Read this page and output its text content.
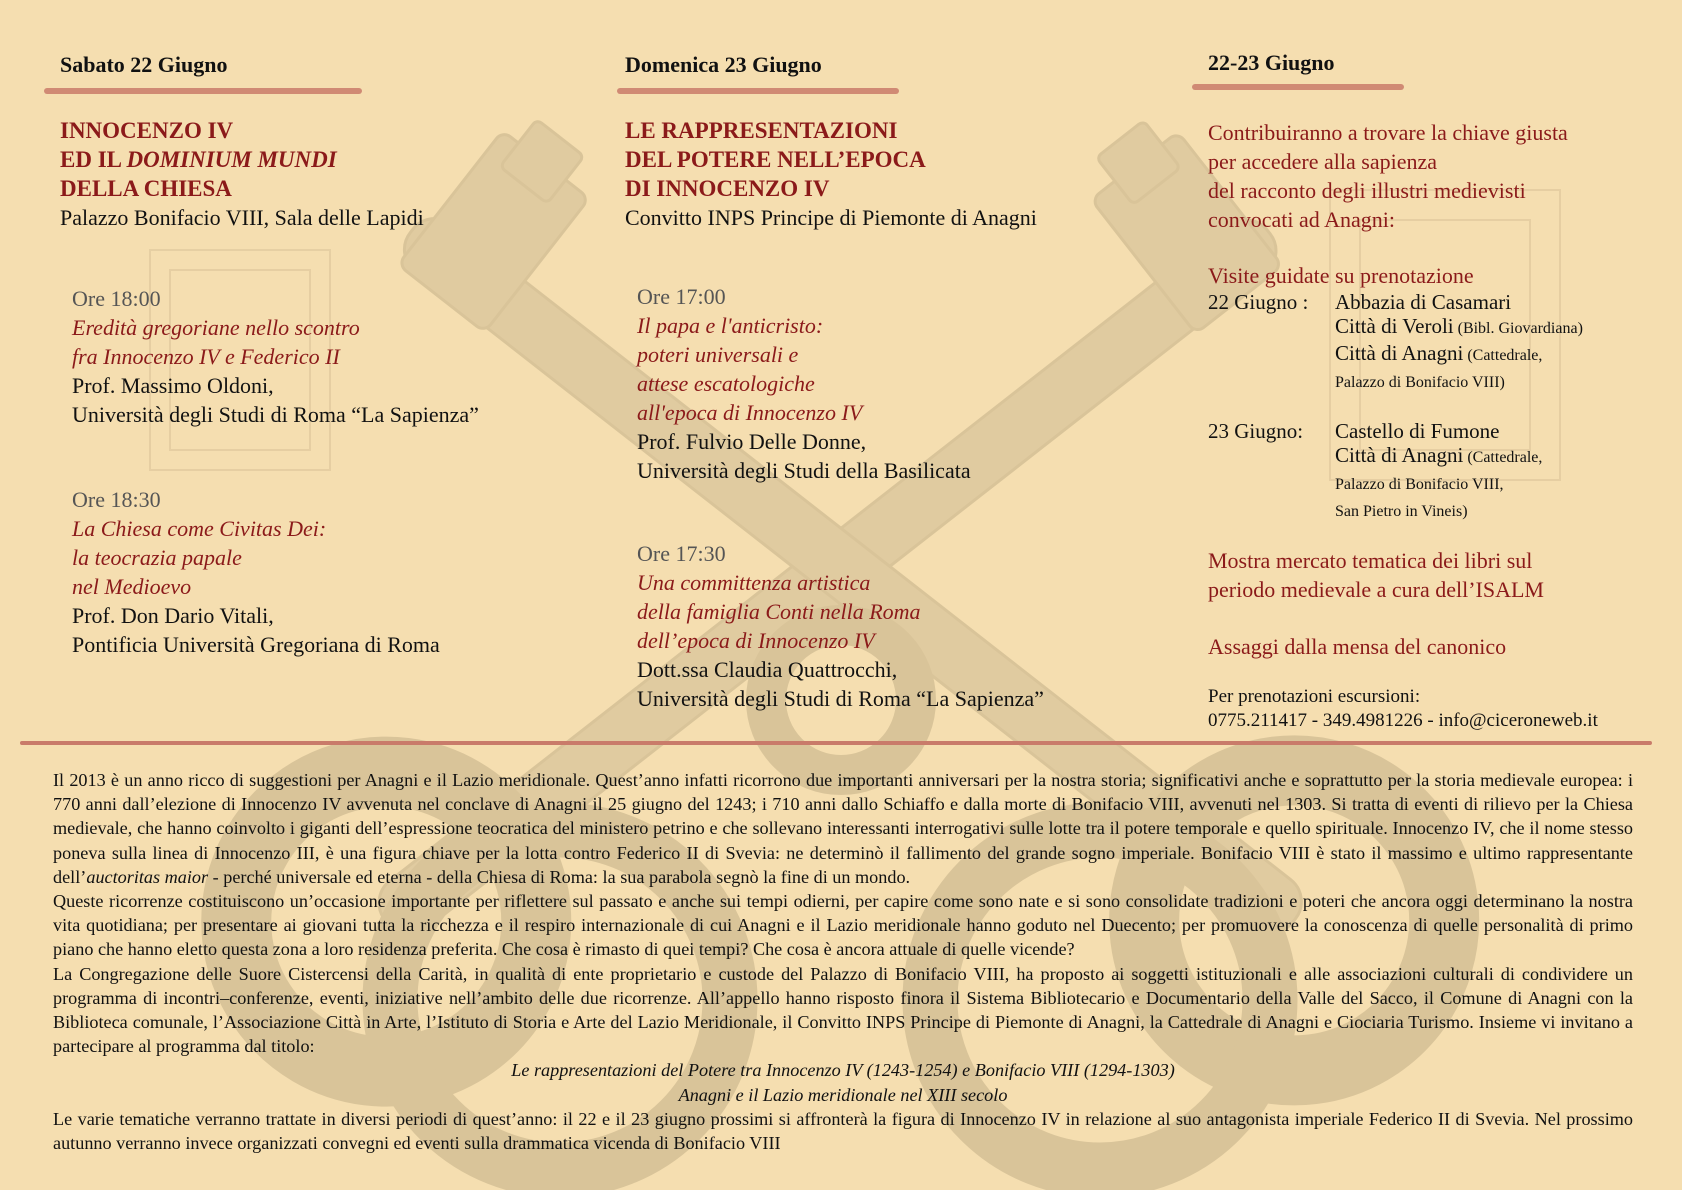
Sabato 22 Giugno

INNOCENZO IV

ED IL DOMINIUM MUNDI

DELLA CHIESA

Palazzo Bonifacio VIII, Sala delle Lapidi

Ore 18:00

Eredità gregoriane nello scontro

fra Innocenzo IV e Federico II

Prof. Massimo Oldoni,

Università degli Studi di Roma “La Sapienza”

Ore 18:30

La Chiesa come Civitas Dei:

la teocrazia papale

nel Medioevo

Prof. Don Dario Vitali,

Pontificia Università Gregoriana di Roma

Domenica 23 Giugno

LE RAPPRESENTAZIONI

DEL POTERE NELL’EPOCA

DI INNOCENZO IV

Convitto INPS Principe di Piemonte di Anagni

Ore 17:00

Il papa e l'anticristo:

poteri universali e

attese escatologiche

all'epoca di Innocenzo IV

Prof. Fulvio Delle Donne,

Università degli Studi della Basilicata

Ore 17:30

Una committenza artistica

della famiglia Conti nella Roma

dell’epoca di Innocenzo IV

Dott.ssa Claudia Quattrocchi,

Università degli Studi di Roma “La Sapienza”

22-23 Giugno

Contribuiranno a trovare la chiave giusta

per accedere alla sapienza

del racconto degli illustri medievisti

convocati ad Anagni:

Visite guidate su prenotazione

22 Giugno :	Abbazia di Casamari
Città di Veroli (Bibl. Giovardiana)
Città di Anagni (Cattedrale,
Palazzo di Bonifacio VIII)
23 Giugno:	Castello di Fumone
Città di Anagni (Cattedrale,
Palazzo di Bonifacio VIII,
San Pietro in Vineis)

Mostra mercato tematica dei libri sul

periodo medievale a cura dell’ISALM

Assaggi dalla mensa del canonico

Per prenotazioni escursioni:

0775.211417 - 349.4981226 - info@ciceroneweb.it

Il 2013 è un anno ricco di suggestioni per Anagni e il Lazio meridionale. Quest’anno infatti ricorrono due importanti anniversari per la nostra storia; significativi anche e soprattutto per la storia medievale europea: i 770 anni dall’elezione di Innocenzo IV avvenuta nel conclave di Anagni il 25 giugno del 1243; i 710 anni dallo Schiaffo e dalla morte di Bonifacio VIII, avvenuti nel 1303. Si tratta di eventi di rilievo per la Chiesa medievale, che hanno coinvolto i giganti dell’espressione teocratica del ministero petrino e che sollevano interessanti interrogativi sulle lotte tra il potere temporale e quello spirituale. Innocenzo IV, che il nome stesso poneva sulla linea di Innocenzo III, è una figura chiave per la lotta contro Federico II di Svevia: ne determinò il fallimento del grande sogno imperiale. Bonifacio VIII è stato il massimo e ultimo rappresentante dell’auctoritas maior - perché universale ed eterna - della Chiesa di Roma: la sua parabola segnò la fine di un mondo.

Queste ricorrenze costituiscono un’occasione importante per riflettere sul passato e anche sui tempi odierni, per capire come sono nate e si sono consolidate tradizioni e poteri che ancora oggi determinano la nostra vita quotidiana; per presentare ai giovani tutta la ricchezza e il respiro internazionale di cui Anagni e il Lazio meridionale hanno goduto nel Duecento; per promuovere la conoscenza di quelle personalità di primo piano che hanno eletto questa zona a loro residenza preferita. Che cosa è rimasto di quei tempi? Che cosa è ancora attuale di quelle vicende?

La Congregazione delle Suore Cistercensi della Carità, in qualità di ente proprietario e custode del Palazzo di Bonifacio VIII, ha proposto ai soggetti istituzionali e alle associazioni culturali di condividere un programma di incontri–conferenze, eventi, iniziative nell’ambito delle due ricorrenze. All’appello hanno risposto finora il Sistema Bibliotecario e Documentario della Valle del Sacco, il Comune di Anagni con la Biblioteca comunale, l’Associazione Città in Arte, l’Istituto di Storia e Arte del Lazio Meridionale, il Convitto INPS Principe di Piemonte di Anagni, la Cattedrale di Anagni e Ciociaria Turismo. Insieme vi invitano a partecipare al programma dal titolo:

Le rappresentazioni del Potere tra Innocenzo IV (1243-1254) e Bonifacio VIII (1294-1303)

Anagni e il Lazio meridionale nel XIII secolo

Le varie tematiche verranno trattate in diversi periodi di quest’anno: il 22 e il 23 giugno prossimi si affronterà la figura di Innocenzo IV in relazione al suo antagonista imperiale Federico II di Svevia. Nel prossimo autunno verranno invece organizzati convegni ed eventi sulla drammatica vicenda di Bonifacio VIII
